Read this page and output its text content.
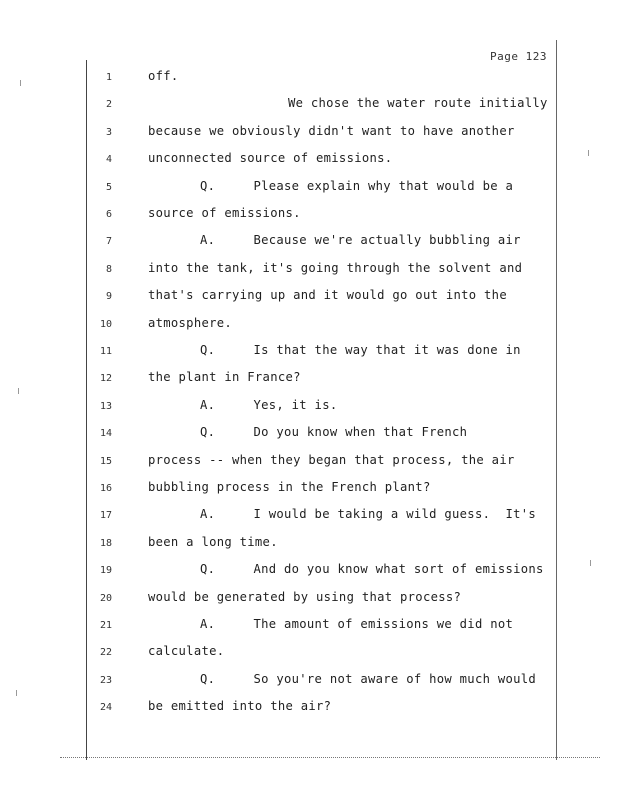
Page 123
1	off.
2	We chose the water route initially
3	because we obviously didn't want to have another
4	unconnected source of emissions.
5	Q.     Please explain why that would be a
6	source of emissions.
7	A.     Because we're actually bubbling air
8	into the tank, it's going through the solvent and
9	that's carrying up and it would go out into the
10	atmosphere.
11	Q.     Is that the way that it was done in
12	the plant in France?
13	A.     Yes, it is.
14	Q.     Do you know when that French
15	process -- when they began that process, the air
16	bubbling process in the French plant?
17	A.     I would be taking a wild guess.  It's
18	been a long time.
19	Q.     And do you know what sort of emissions
20	would be generated by using that process?
21	A.     The amount of emissions we did not
22	calculate.
23	Q.     So you're not aware of how much would
24	be emitted into the air?
